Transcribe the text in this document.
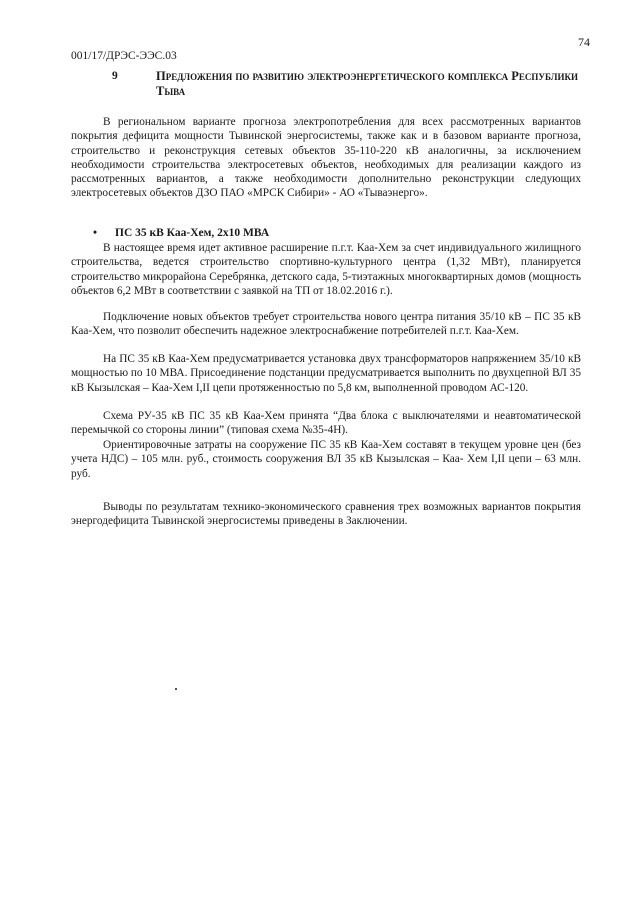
74
001/17/ДРЭС-ЭЭС.03
9	Предложения по развитию электроэнергетического комплекса Республики Тыва

В региональном варианте прогноза электропотребления для всех рассмотренных вариантов покрытия дефицита мощности Тывинской энергосистемы, также как и в базовом варианте прогноза, строительство и реконструкция сетевых объектов 35-110-220 кВ аналогичны, за исключением необходимости строительства электросетевых объектов, необходимых для реализации каждого из рассмотренных вариантов, а также необходимости дополнительно реконструкции следующих электросетевых объектов ДЗО ПАО «МРСК Сибири» - АО «Тываэнерго».

• ПС 35 кВ Каа-Хем, 2х10 МВА

В настоящее время идет активное расширение п.г.т. Каа-Хем за счет индивидуального жилищного строительства, ведется строительство спортивно-культурного центра (1,32 МВт), планируется строительство микрорайона Серебрянка, детского сада, 5-тиэтажных многоквартирных домов (мощность объектов 6,2 МВт в соответствии с заявкой на ТП от 18.02.2016 г.).

Подключение новых объектов требует строительства нового центра питания 35/10 кВ – ПС 35 кВ Каа-Хем, что позволит обеспечить надежное электроснабжение потребителей п.г.т. Каа-Хем.

На ПС 35 кВ Каа-Хем предусматривается установка двух трансформаторов напряжением 35/10 кВ мощностью по 10 МВА. Присоединение подстанции предусматривается выполнить по двухцепной ВЛ 35 кВ Кызылская – Каа-Хем I,II цепи протяженностью по 5,8 км, выполненной проводом АС-120.

Схема РУ-35 кВ ПС 35 кВ Каа-Хем принята “Два блока с выключателями и неавтоматической перемычкой со стороны линии” (типовая схема №35-4Н).

Ориентировочные затраты на сооружение ПС 35 кВ Каа-Хем составят в текущем уровне цен (без учета НДС) – 105 млн. руб., стоимость сооружения ВЛ 35 кВ Кызылская – Каа- Хем I,II цепи – 63 млн. руб.

Выводы по результатам технико-экономического сравнения трех возможных вариантов покрытия энергодефицита Тывинской энергосистемы приведены в Заключении.
